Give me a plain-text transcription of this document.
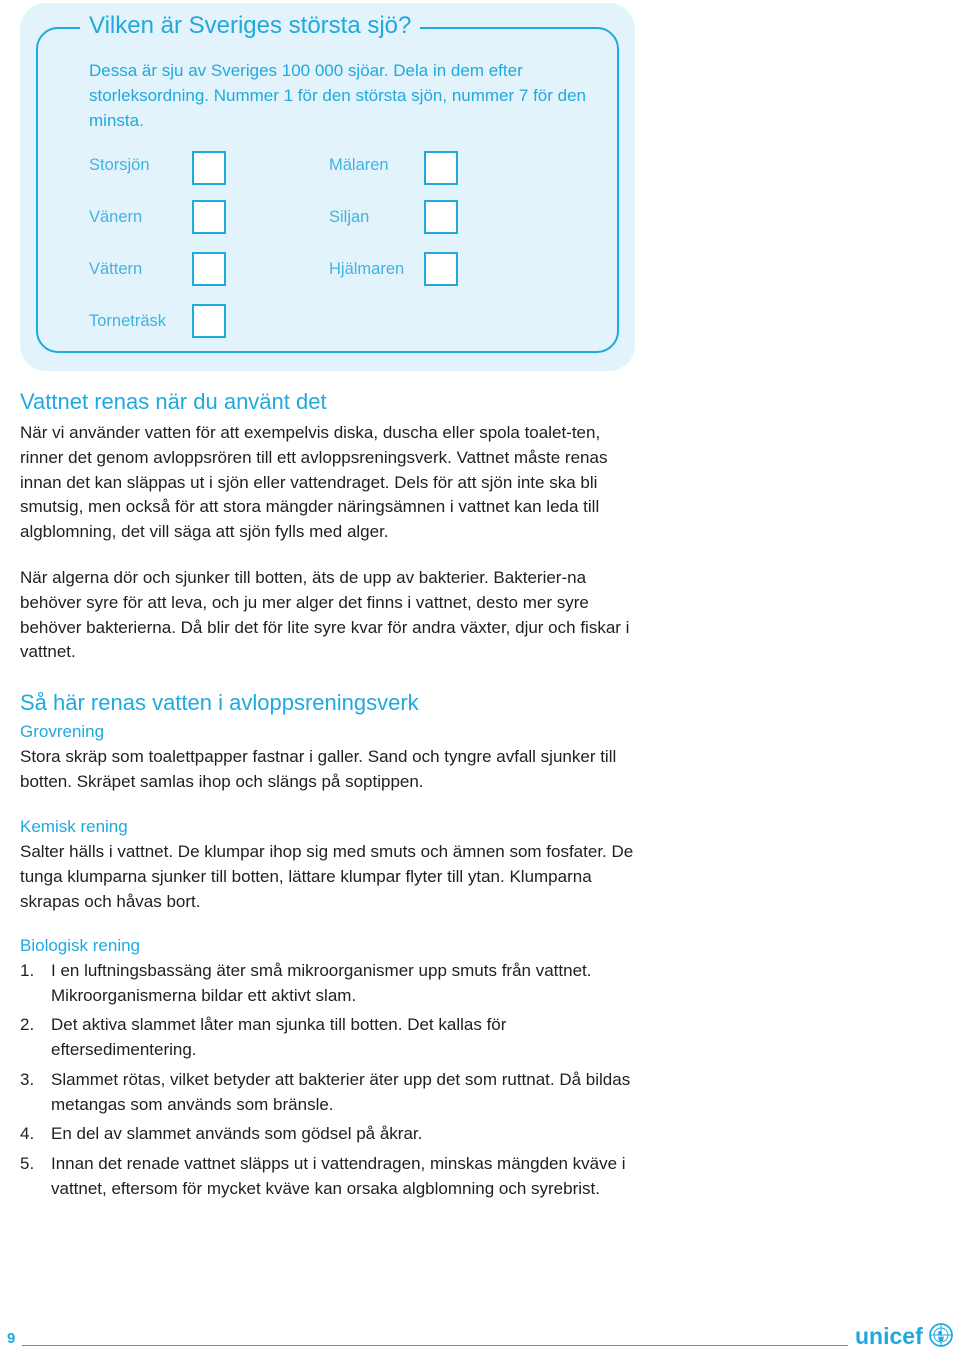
Vilken är Sveriges största sjö?
Dessa är sju av Sveriges 100 000 sjöar. Dela in dem efter storleksordning. Nummer 1 för den största sjön, nummer 7 för den minsta.
Storsjön	Mälaren
Vänern	Siljan
Vättern	Hjälmaren
Torneträsk
Vattnet renas när du använt det

När vi använder vatten för att exempelvis diska, duscha eller spola toalet-ten, rinner det genom avloppsrören till ett avloppsreningsverk. Vattnet måste renas innan det kan släppas ut i sjön eller vattendraget. Dels för att sjön inte ska bli smutsig, men också för att stora mängder näringsämnen i vattnet kan leda till algblomning, det vill säga att sjön fylls med alger.

När algerna dör och sjunker till botten, äts de upp av bakterier. Bakterier-na behöver syre för att leva, och ju mer alger det finns i vattnet, desto mer syre behöver bakterierna. Då blir det för lite syre kvar för andra växter, djur och fiskar i vattnet.

Så här renas vatten i avloppsreningsverk
Grovrening

Stora skräp som toalettpapper fastnar i galler. Sand och tyngre avfall sjunker till botten. Skräpet samlas ihop och slängs på soptippen.

Kemisk rening

Salter hälls i vattnet. De klumpar ihop sig med smuts och ämnen som fosfater. De tunga klumparna sjunker till botten, lättare klumpar flyter till ytan. Klumparna skrapas och håvas bort.

Biologisk rening
1. I en luftningsbassäng äter små mikroorganismer upp smuts från vattnet. Mikroorganismerna bildar ett aktivt slam.
2. Det aktiva slammet låter man sjunka till botten. Det kallas för eftersedimentering.
3. Slammet rötas, vilket betyder att bakterier äter upp det som ruttnat. Då bildas metangas som används som bränsle.
4. En del av slammet används som gödsel på åkrar.
5. Innan det renade vattnet släpps ut i vattendragen, minskas mängden kväve i vattnet, eftersom för mycket kväve kan orsaka algblomning och syrebrist.
9	unicef
